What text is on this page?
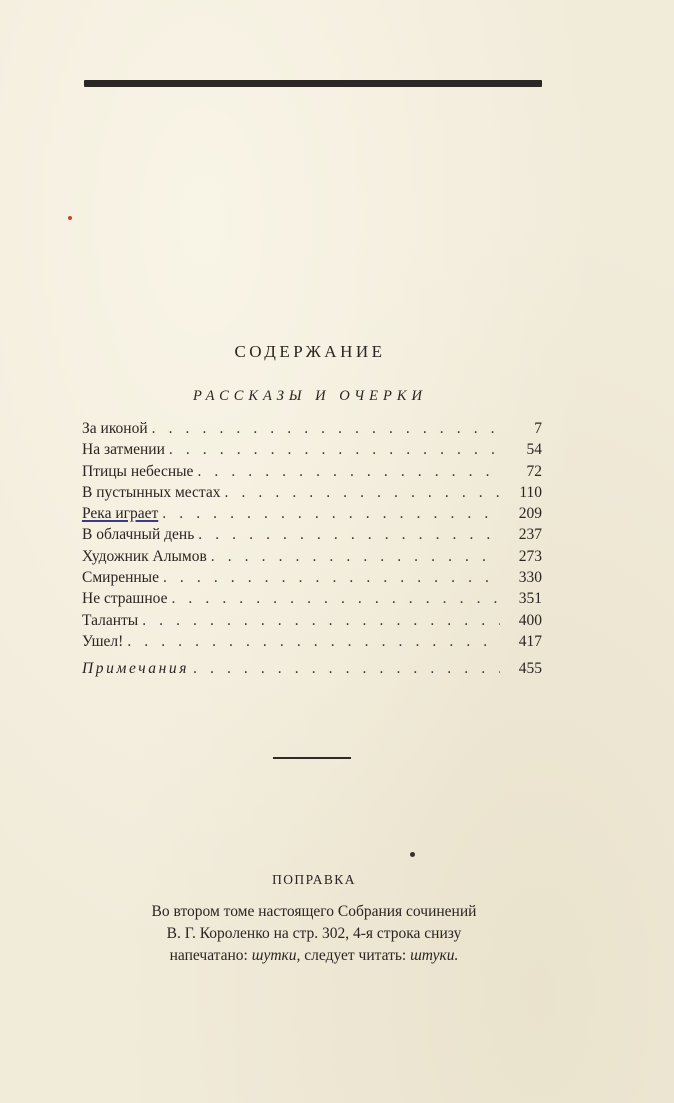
СОДЕРЖАНИЕ
РАССКАЗЫ И ОЧЕРКИ
За иконой . . .	7
На затмении . . .	54
Птицы небесные . . .	72
В пустынных местах . . .	110
Река играет . . .	209
В облачный день . . .	237
Художник Алымов . . .	273
Смиренные . . .	330
Не страшное . . .	351
Таланты . . .	400
Ушел! . . .	417
Примечания . . .	455
ПОПРАВКА
Во втором томе настоящего Собрания сочинений
В. Г. Короленко на стр. 302, 4-я строка снизу
напечатано: шутки, следует читать: штуки.
